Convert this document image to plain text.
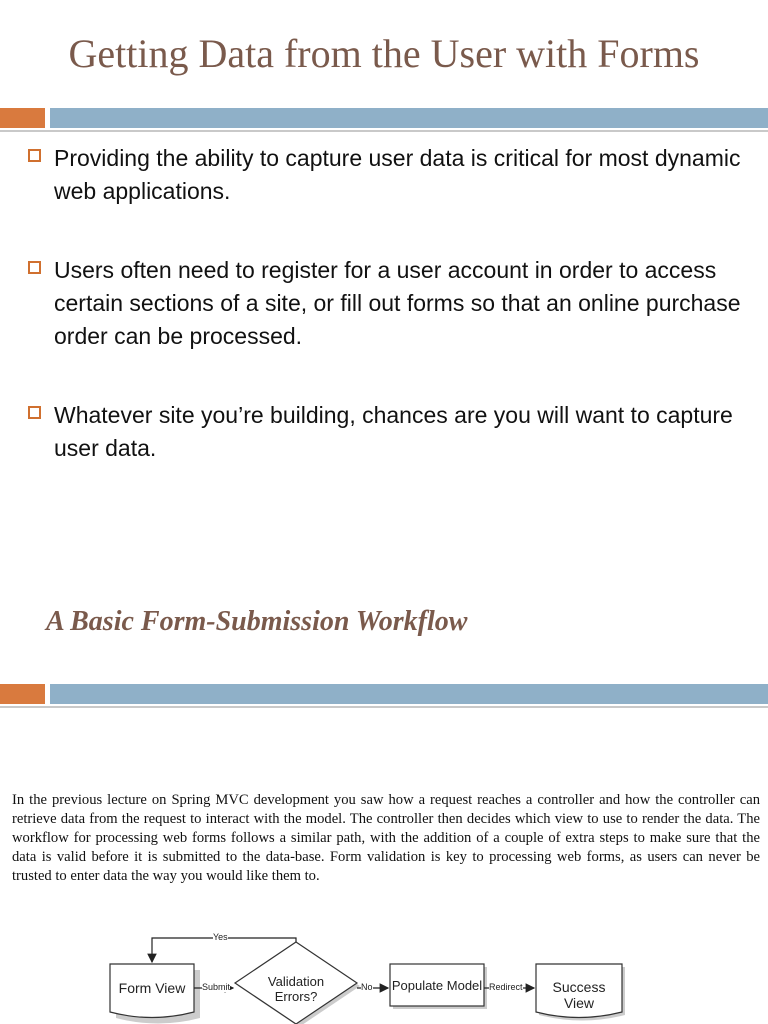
Getting Data from the User with Forms
Providing the ability to capture user data is critical for most dynamic web applications.
Users often need to register for a user account in order to access certain sections of a site, or fill out forms so that an online purchase order can be processed.
Whatever site you’re building, chances are you will want to capture user data.
A Basic Form-Submission Workflow
In the previous lecture on Spring MVC development you saw how a request reaches a controller and how the controller can retrieve data from the request to interact with the model. The controller then decides which view to use to render the data. The workflow for processing web forms follows a similar path, with the addition of a couple of extra steps to make sure that the data is valid before it is submitted to the data-base. Form validation is key to processing web forms, as users can never be trusted to enter data the way you would like them to.
Form View	Validation Errors?
Populate Model	Success View
Submit	No
Yes
Redirect
